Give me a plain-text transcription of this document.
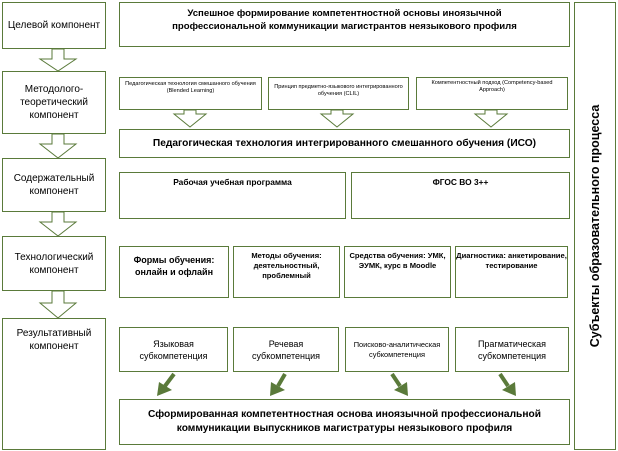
Целевой компонент
Методолого-теоретический компонент
Содержательный компонент
Технологический компонент
Результативный компонент
Успешное формирование компетентностной основы иноязычной профессиональной коммуникации магистрантов неязыкового профиля
Педагогическая технология смешанного обучения (Blended Learning)
Принцип предметно-языкового интегрированного обучения (CLIL)
Компетентностный подход (Competency-based Approach)
Педагогическая технология интегрированного смешанного обучения (ИСО)
Рабочая учебная программа	ФГОС ВО 3++
Формы обучения: онлайн и офлайн
Методы обучения: деятельностный, проблемный
Средства обучения: УМК, ЭУМК, курс в Moodle
Диагностика: анкетирование, тестирование
Языковая субкомпетенция
Речевая субкомпетенция
Поисково-аналитическая субкомпетенция
Прагматическая субкомпетенция
Сформированная компетентностная основа иноязычной профессиональной коммуникации выпускников магистратуры неязыкового профиля
Субъекты образовательного процесса
